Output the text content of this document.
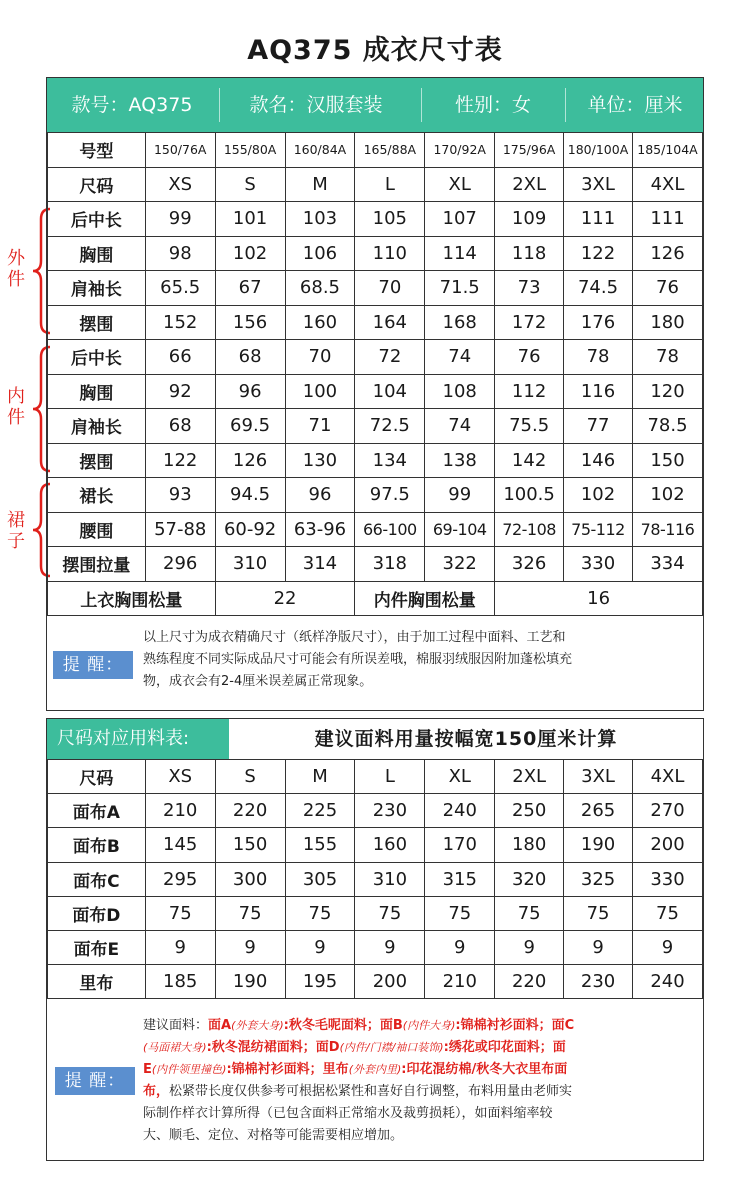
AQ375 成衣尺寸表
外件
内件
裙子
款号：AQ375	款名：汉服套装	性别：女	单位：厘米
号型	150/76A	155/80A	160/84A	165/88A	170/92A	175/96A	180/100A	185/104A
尺码	XS	S	M	L	XL	2XL	3XL	4XL
后中长	99	101	103	105	107	109	111	111
胸围	98	102	106	110	114	118	122	126
肩袖长	65.5	67	68.5	70	71.5	73	74.5	76
摆围	152	156	160	164	168	172	176	180
后中长	66	68	70	72	74	76	78	78
胸围	92	96	100	104	108	112	116	120
肩袖长	68	69.5	71	72.5	74	75.5	77	78.5
摆围	122	126	130	134	138	142	146	150
裙长	93	94.5	96	97.5	99	100.5	102	102
腰围	57-88	60-92	63-96	66-100	69-104	72-108	75-112	78-116
摆围拉量	296	310	314	318	322	326	330	334
上衣胸围松量		22		内件胸围松量		16		
提 醒：
以上尺寸为成衣精确尺寸（纸样净版尺寸），由于加工过程中面料、工艺和
熟练程度不同实际成品尺寸可能会有所误差哦，棉服羽绒服因附加蓬松填充
物，成衣会有2-4厘米误差属正常现象。
尺码对应用料表:	建议面料用量按幅宽150厘米计算
尺码	XS	S	M	L	XL	2XL	3XL	4XL
面布A	210	220	225	230	240	250	265	270
面布B	145	150	155	160	170	180	190	200
面布C	295	300	305	310	315	320	325	330
面布D	75	75	75	75	75	75	75	75
面布E	9	9	9	9	9	9	9	9
里布	185	190	195	200	210	220	230	240
提 醒：
建议面料：面A(外套大身):秋冬毛呢面料；面B(内件大身):锦棉衬衫面料；面C
(马面裙大身):秋冬混纺裙面料；面D(内件/门襟/袖口装饰):绣花或印花面料；面
E(内件领里撞色):锦棉衬衫面料；里布(外套内里):印花混纺棉/秋冬大衣里布面
布，松紧带长度仅供参考可根据松紧性和喜好自行调整，布料用量由老师实
际制作样衣计算所得（已包含面料正常缩水及裁剪损耗），如面料缩率较
大、顺毛、定位、对格等可能需要相应增加。
